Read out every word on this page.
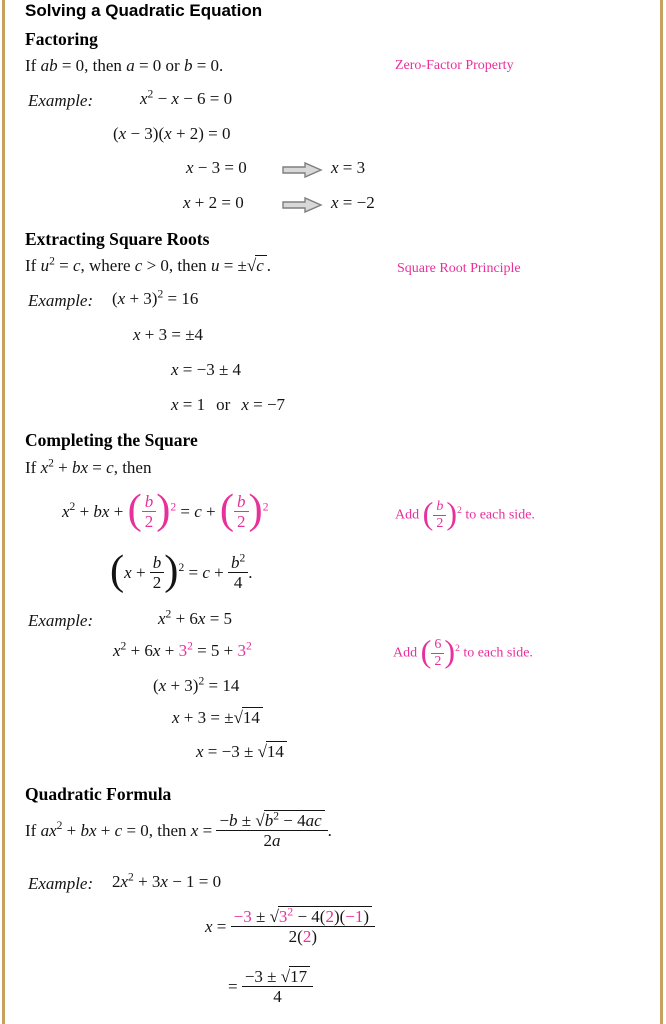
Solving a Quadratic Equation
Factoring
If ab = 0, then a = 0 or b = 0.	Zero-Factor Property
Example:	$x^2 - x - 6 = 0$
(x − 3)(x + 2) = 0
x − 3 = 0	x = 3
x + 2 = 0	x = −2
Extracting Square Roots
If $u^2 = c$, where c > 0, then u = ±√c .	Square Root Principle
Example: $(x + 3)^2 = 16$
x + 3 = ±4
x = −3 ± 4
x = 1 or x = −7
Completing the Square
If $x^2$ + bx = c, then
$x^2$ + bx + ( $\frac{b}{2} )^2 = c$ + ( $\frac{b}{2} )^2$
Add ( $\frac{b}{2} )^2$ to each side.
$(x + \frac{b}{2} )^2 = c + \frac{b^2}{4}$ .
Example:	$x^2 + 6x = 5$
$x^2 + 6x + 3^2 = 5 + 3^2$	Add ( $\frac{6}{2} )^2$ to each side.
$(x + 3)^2 = 14$
x + 3 = ±√14
x = −3 ± √14
Quadratic Formula
If $ax^2$ + bx + c = 0, then $x = \frac{-b \pm √b^2 - 4ac}{2a}$ .
Example: $2x^2 + 3x - 1 = 0$
$x = \frac{-3 \pm √3^2 - 4(2)(-1)}{2(2)}$
= $\frac{-3 \pm √17}{4}$
